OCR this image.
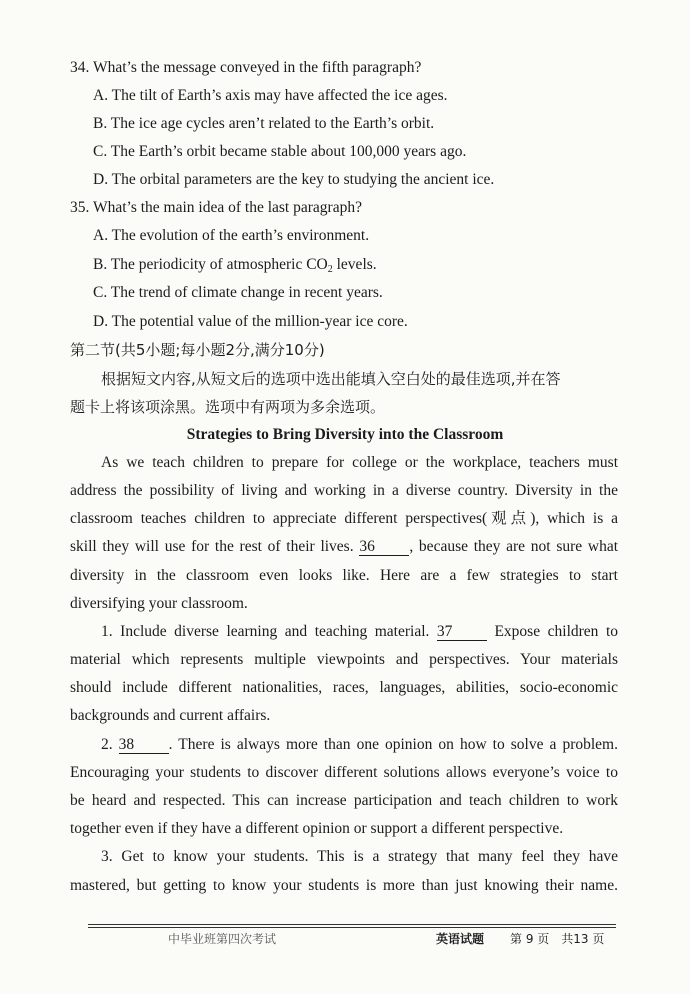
34. What’s the message conveyed in the fifth paragraph?
A. The tilt of Earth’s axis may have affected the ice ages.
B. The ice age cycles aren’t related to the Earth’s orbit.
C. The Earth’s orbit became stable about 100,000 years ago.
D. The orbital parameters are the key to studying the ancient ice.
35. What’s the main idea of the last paragraph?
A. The evolution of the earth’s environment.
B. The periodicity of atmospheric $CO_2$ levels.
C. The trend of climate change in recent years.
D. The potential value of the million-year ice core.
第二节(共5小题;每小题2分,满分10分)
根据短文内容,从短文后的选项中选出能填入空白处的最佳选项,并在答
题卡上将该项涂黑。选项中有两项为多余选项。
Strategies to Bring Diversity into the Classroom
As we teach children to prepare for college or the workplace, teachers must
address the possibility of living and working in a diverse country. Diversity in the
classroom teaches children to appreciate different perspectives(观点), which is a
skill they will use for the rest of their lives. 36 , because they are not sure what
diversity in the classroom even looks like. Here are a few strategies to start
diversifying your classroom.
1. Include diverse learning and teaching material. 37	Expose children to
material which represents multiple viewpoints and perspectives. Your materials
should include different nationalities, races, languages, abilities, socio-economic
backgrounds and current affairs.
2. 38 . There is always more than one opinion on how to solve a problem.
Encouraging your students to discover different solutions allows everyone’s voice to
be heard and respected. This can increase participation and teach children to work
together even if they have a different opinion or support a different perspective.
3. Get to know your students. This is a strategy that many feel they have
mastered, but getting to know your students is more than just knowing their name.
中毕业班第四次考试	英语试题 第 9 页　共13 页
